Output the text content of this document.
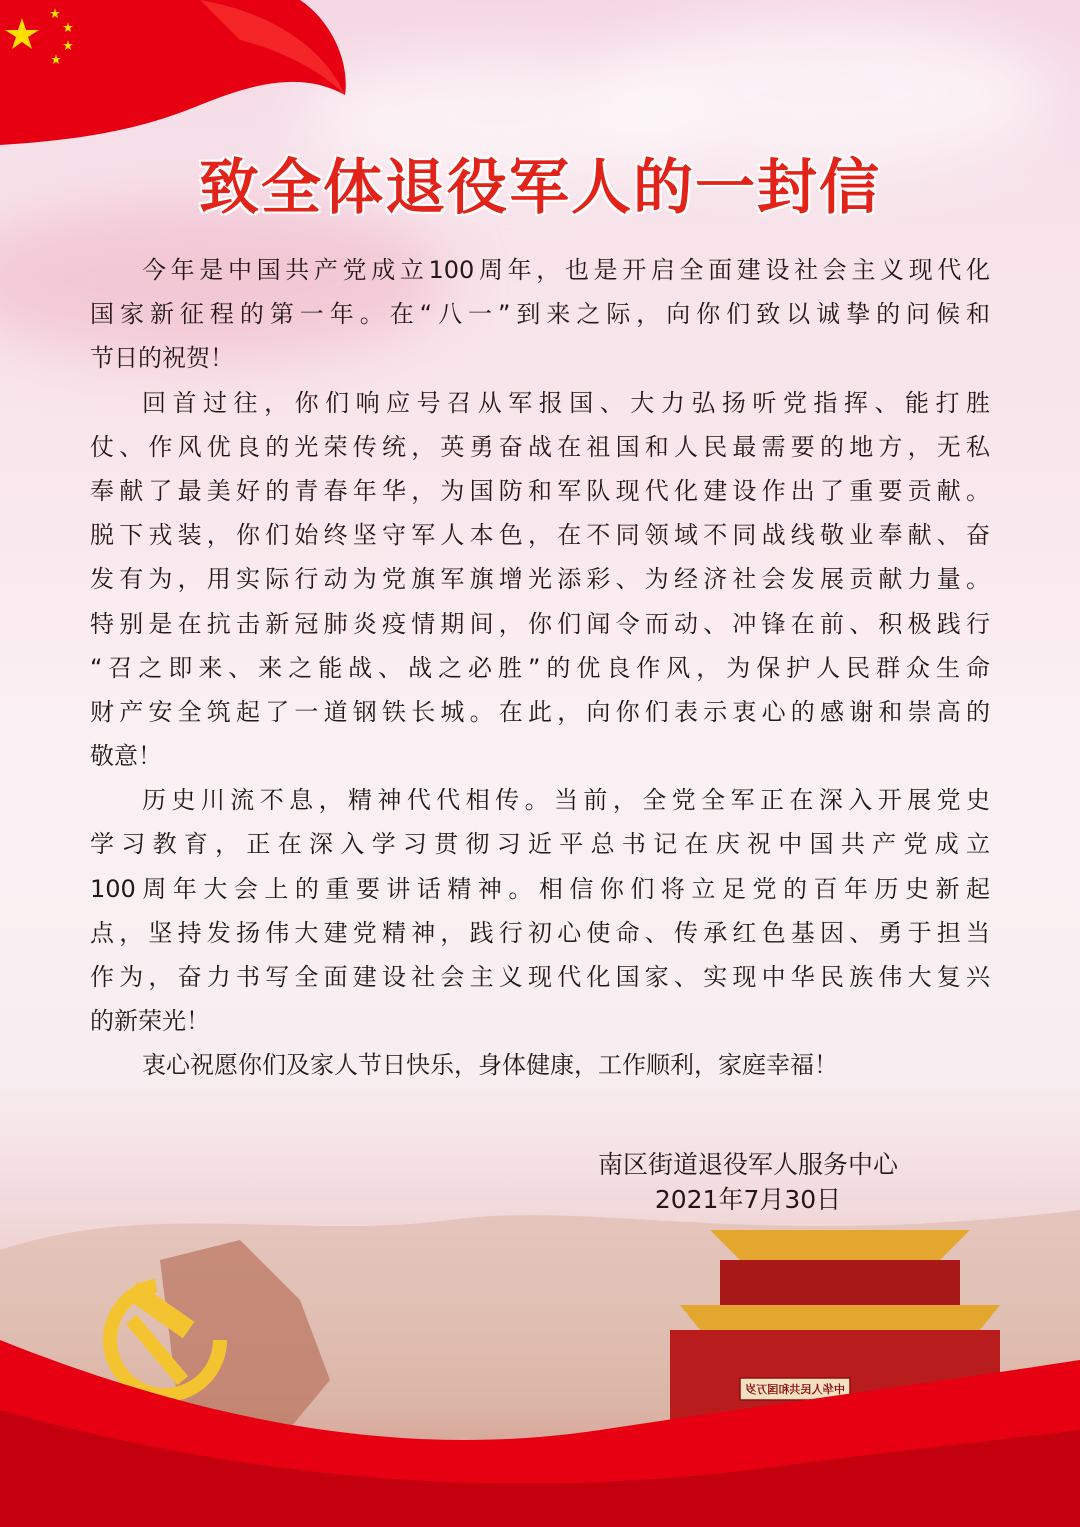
致全体退役军人的一封信
今年是中国共产党成立100周年，也是开启全面建设社会主义现代化
国家新征程的第一年。在“八一”到来之际，向你们致以诚挚的问候和
节日的祝贺！
回首过往，你们响应号召从军报国、大力弘扬听党指挥、能打胜
仗、作风优良的光荣传统，英勇奋战在祖国和人民最需要的地方，无私
奉献了最美好的青春年华，为国防和军队现代化建设作出了重要贡献。
脱下戎装，你们始终坚守军人本色，在不同领域不同战线敬业奉献、奋
发有为，用实际行动为党旗军旗增光添彩、为经济社会发展贡献力量。
特别是在抗击新冠肺炎疫情期间，你们闻令而动、冲锋在前、积极践行
“召之即来、来之能战、战之必胜”的优良作风，为保护人民群众生命
财产安全筑起了一道钢铁长城。在此，向你们表示衷心的感谢和崇高的
敬意！
历史川流不息，精神代代相传。当前，全党全军正在深入开展党史
学习教育，正在深入学习贯彻习近平总书记在庆祝中国共产党成立
100周年大会上的重要讲话精神。相信你们将立足党的百年历史新起
点，坚持发扬伟大建党精神，践行初心使命、传承红色基因、勇于担当
作为，奋力书写全面建设社会主义现代化国家、实现中华民族伟大复兴
的新荣光！
衷心祝愿你们及家人节日快乐，身体健康，工作顺利，家庭幸福！
南区街道退役军人服务中心
2021年7月30日
中华人民共和国万岁
